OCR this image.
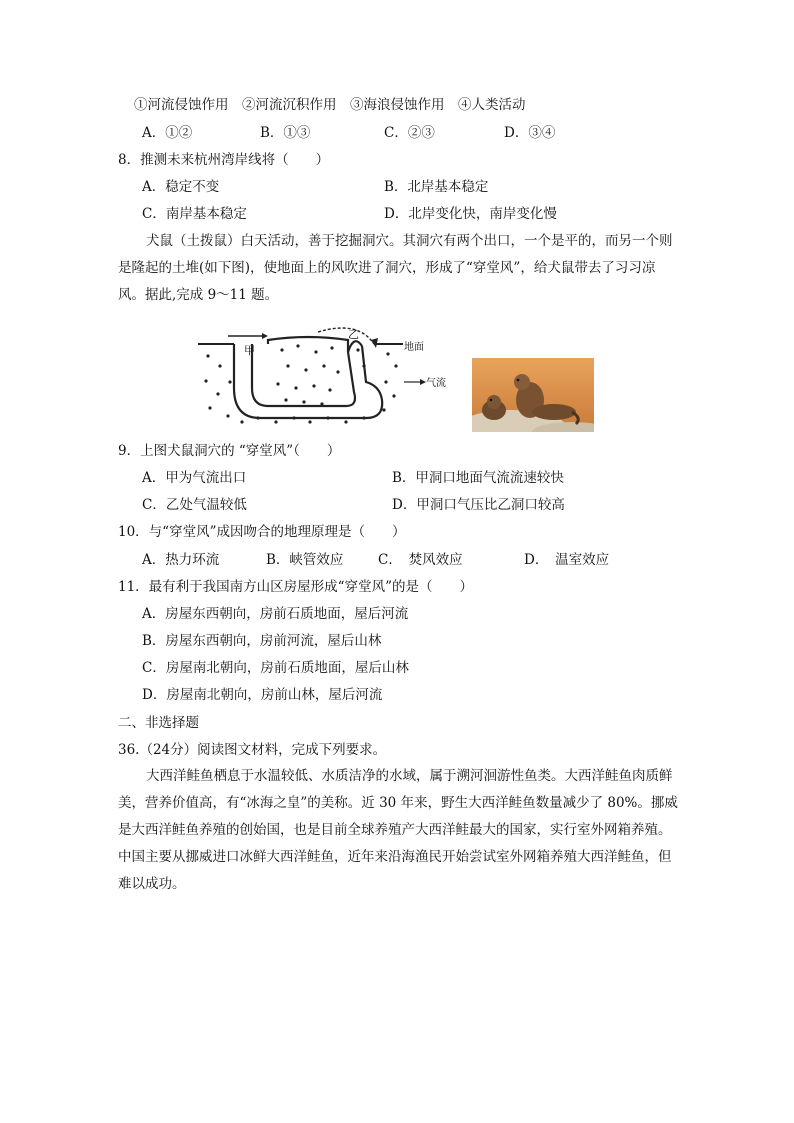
①河流侵蚀作用　②河流沉积作用　③海浪侵蚀作用　④人类活动
A．①②	B．①③	C．②③	D．③④
8．推测未来杭州湾岸线将（　　）
A．稳定不变	B．北岸基本稳定
C．南岸基本稳定	D．北岸变化快，南岸变化慢
犬鼠（土拨鼠）白天活动，善于挖掘洞穴。其洞穴有两个出口，一个是平的，而另一个则是隆起的土堆(如下图)，使地面上的风吹进了洞穴，形成了“穿堂风”，给犬鼠带去了习习凉风。据此,完成 9～11 题。
甲
乙
地面
气流
9．上图犬鼠洞穴的 “穿堂风”（　　）
A．甲为气流出口	B．甲洞口地面气流流速较快
C．乙处气温较低	D．甲洞口气压比乙洞口较高
10．与“穿堂风”成因吻合的地理原理是（　　）
A．热力环流	B．峡管效应	C．　焚风效应	D．　温室效应
11．最有利于我国南方山区房屋形成“穿堂风”的是（　　）
A．房屋东西朝向，房前石质地面，屋后河流
B．房屋东西朝向，房前河流，屋后山林
C．房屋南北朝向，房前石质地面，屋后山林
D．房屋南北朝向，房前山林，屋后河流
二、非选择题
36.（24分）阅读图文材料，完成下列要求。
大西洋鲑鱼栖息于水温较低、水质洁净的水域，属于溯河洄游性鱼类。大西洋鲑鱼肉质鲜美，营养价值高，有“冰海之皇”的美称。近 30 年来，野生大西洋鲑鱼数量减少了 80%。挪威是大西洋鲑鱼养殖的创始国，也是目前全球养殖产大西洋鲑最大的国家，实行室外网箱养殖。中国主要从挪威进口冰鲜大西洋鲑鱼，近年来沿海渔民开始尝试室外网箱养殖大西洋鲑鱼，但难以成功。
